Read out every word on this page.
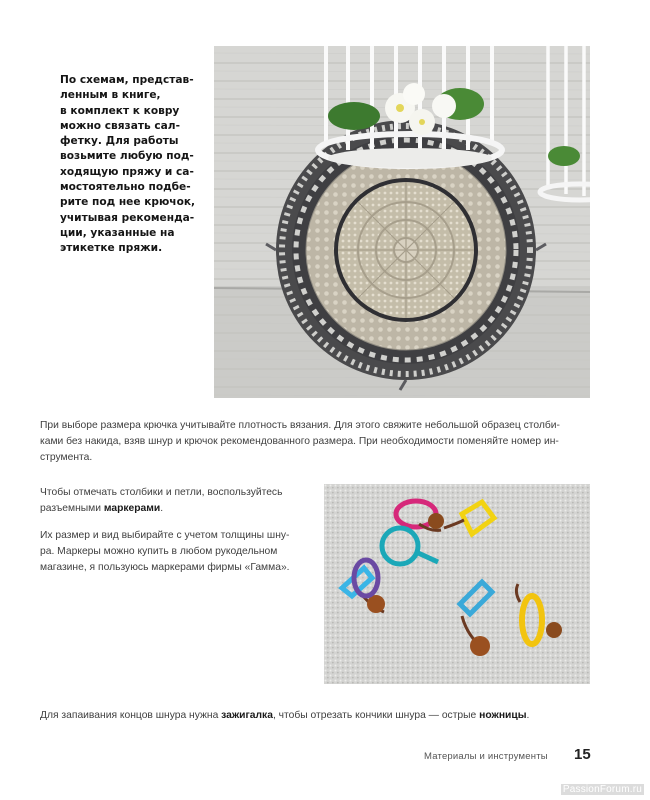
По схемам, представ-
ленным в книге,
в комплект к ковру
можно связать сал-
фетку. Для работы
возьмите любую под-
ходящую пряжу и са-
мостоятельно подбе-
рите под нее крючок,
учитывая рекоменда-
ции, указанные на
этикетке пряжи.
При выборе размера крючка учитывайте плотность вязания. Для этого свяжите небольшой образец столби-
ками без накида, взяв шнур и крючок рекомендованного размера. При необходимости поменяйте номер ин-
струмента.
Чтобы отмечать столбики и петли, воспользуйтесь
разъемными маркерами.
Их размер и вид выбирайте с учетом толщины шну-
ра. Маркеры можно купить в любом рукодельном
магазине, я пользуюсь маркерами фирмы «Гамма».
Для запаивания концов шнура нужна зажигалка, чтобы отрезать кончики шнура — острые ножницы.
Материалы и инструменты 15
PassionForum.ru
